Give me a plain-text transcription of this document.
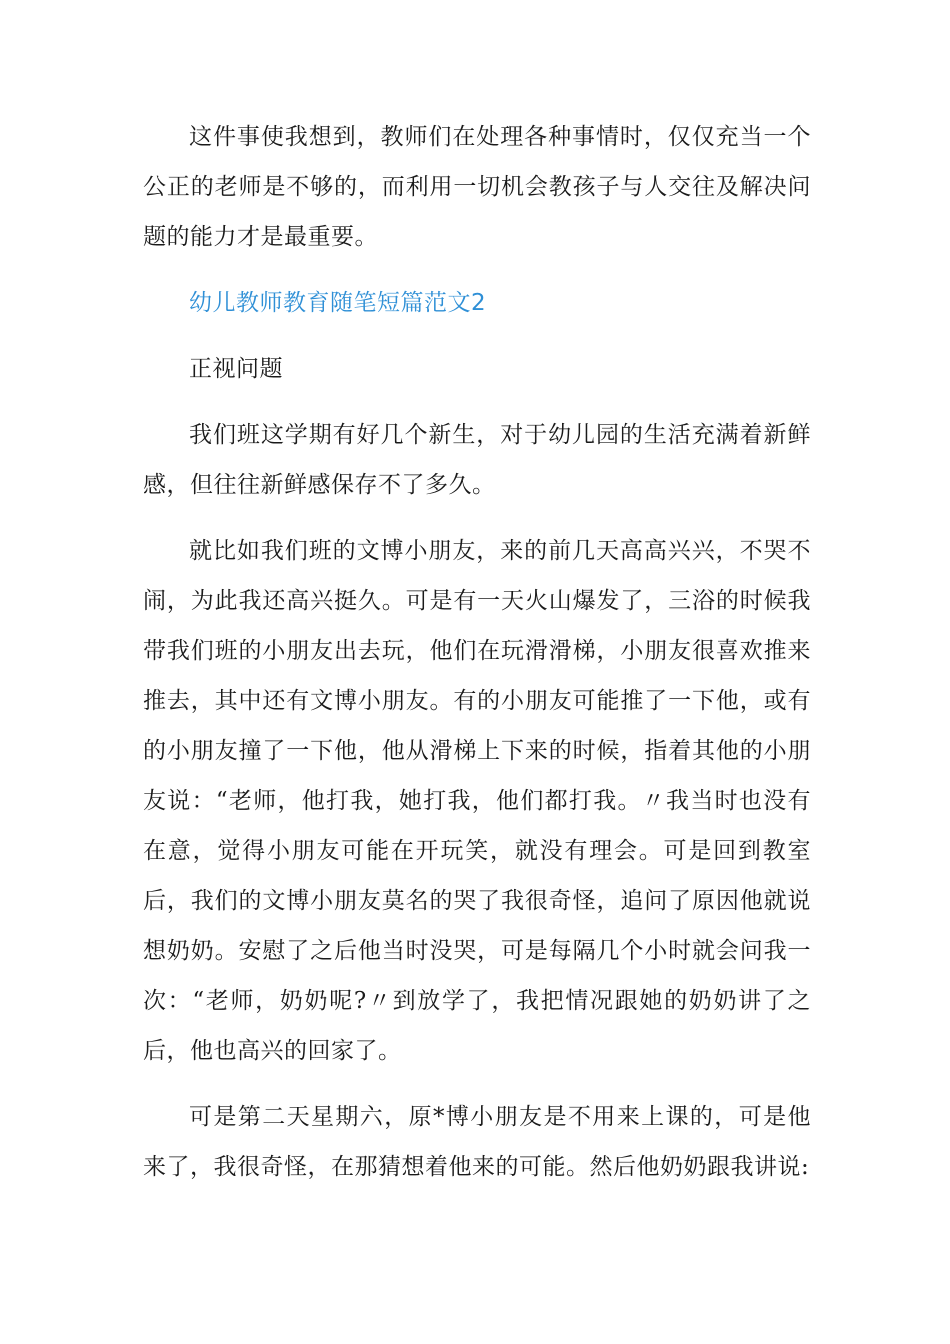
这件事使我想到，教师们在处理各种事情时，仅仅充当一个公正的老师是不够的，而利用一切机会教孩子与人交往及解决问题的能力才是最重要。

幼儿教师教育随笔短篇范文2

正视问题

我们班这学期有好几个新生，对于幼儿园的生活充满着新鲜感，但往往新鲜感保存不了多久。

就比如我们班的文博小朋友，来的前几天高高兴兴，不哭不闹，为此我还高兴挺久。可是有一天火山爆发了，三浴的时候我带我们班的小朋友出去玩，他们在玩滑滑梯，小朋友很喜欢推来推去，其中还有文博小朋友。有的小朋友可能推了一下他，或有的小朋友撞了一下他，他从滑梯上下来的时候，指着其他的小朋友说：“老师，他打我，她打我，他们都打我。〃我当时也没有在意，觉得小朋友可能在开玩笑，就没有理会。可是回到教室后，我们的文博小朋友莫名的哭了我很奇怪，追问了原因他就说想奶奶。安慰了之后他当时没哭，可是每隔几个小时就会问我一次：“老师，奶奶呢?〃到放学了，我把情况跟她的奶奶讲了之后，他也高兴的回家了。

可是第二天星期六，原*博小朋友是不用来上课的，可是他来了，我很奇怪，在那猜想着他来的可能。然后他奶奶跟我讲说:
